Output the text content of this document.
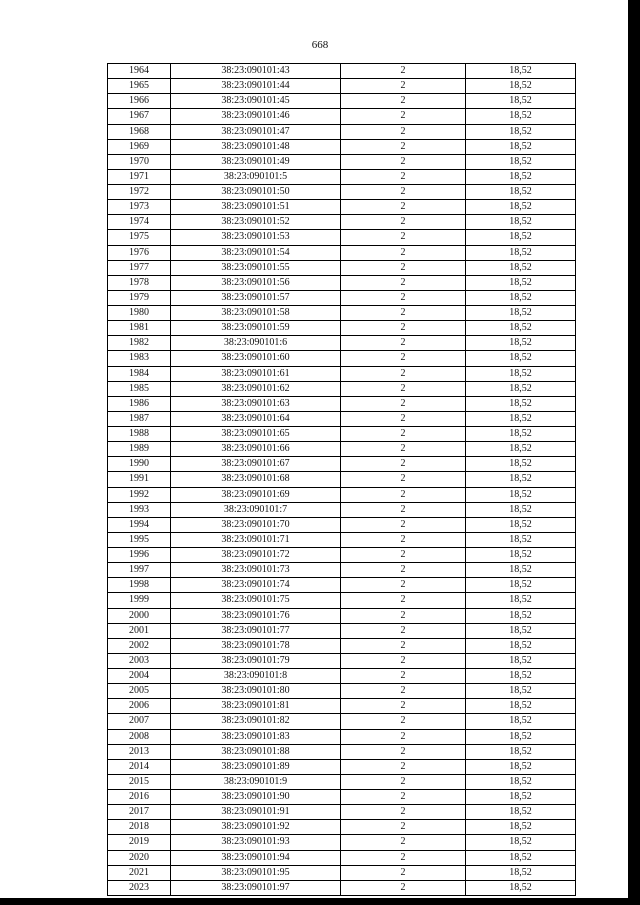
668
1964	38:23:090101:43	2	18,52
1965	38:23:090101:44	2	18,52
1966	38:23:090101:45	2	18,52
1967	38:23:090101:46	2	18,52
1968	38:23:090101:47	2	18,52
1969	38:23:090101:48	2	18,52
1970	38:23:090101:49	2	18,52
1971	38:23:090101:5	2	18,52
1972	38:23:090101:50	2	18,52
1973	38:23:090101:51	2	18,52
1974	38:23:090101:52	2	18,52
1975	38:23:090101:53	2	18,52
1976	38:23:090101:54	2	18,52
1977	38:23:090101:55	2	18,52
1978	38:23:090101:56	2	18,52
1979	38:23:090101:57	2	18,52
1980	38:23:090101:58	2	18,52
1981	38:23:090101:59	2	18,52
1982	38:23:090101:6	2	18,52
1983	38:23:090101:60	2	18,52
1984	38:23:090101:61	2	18,52
1985	38:23:090101:62	2	18,52
1986	38:23:090101:63	2	18,52
1987	38:23:090101:64	2	18,52
1988	38:23:090101:65	2	18,52
1989	38:23:090101:66	2	18,52
1990	38:23:090101:67	2	18,52
1991	38:23:090101:68	2	18,52
1992	38:23:090101:69	2	18,52
1993	38:23:090101:7	2	18,52
1994	38:23:090101:70	2	18,52
1995	38:23:090101:71	2	18,52
1996	38:23:090101:72	2	18,52
1997	38:23:090101:73	2	18,52
1998	38:23:090101:74	2	18,52
1999	38:23:090101:75	2	18,52
2000	38:23:090101:76	2	18,52
2001	38:23:090101:77	2	18,52
2002	38:23:090101:78	2	18,52
2003	38:23:090101:79	2	18,52
2004	38:23:090101:8	2	18,52
2005	38:23:090101:80	2	18,52
2006	38:23:090101:81	2	18,52
2007	38:23:090101:82	2	18,52
2008	38:23:090101:83	2	18,52
2013	38:23:090101:88	2	18,52
2014	38:23:090101:89	2	18,52
2015	38:23:090101:9	2	18,52
2016	38:23:090101:90	2	18,52
2017	38:23:090101:91	2	18,52
2018	38:23:090101:92	2	18,52
2019	38:23:090101:93	2	18,52
2020	38:23:090101:94	2	18,52
2021	38:23:090101:95	2	18,52
2023	38:23:090101:97	2	18,52
